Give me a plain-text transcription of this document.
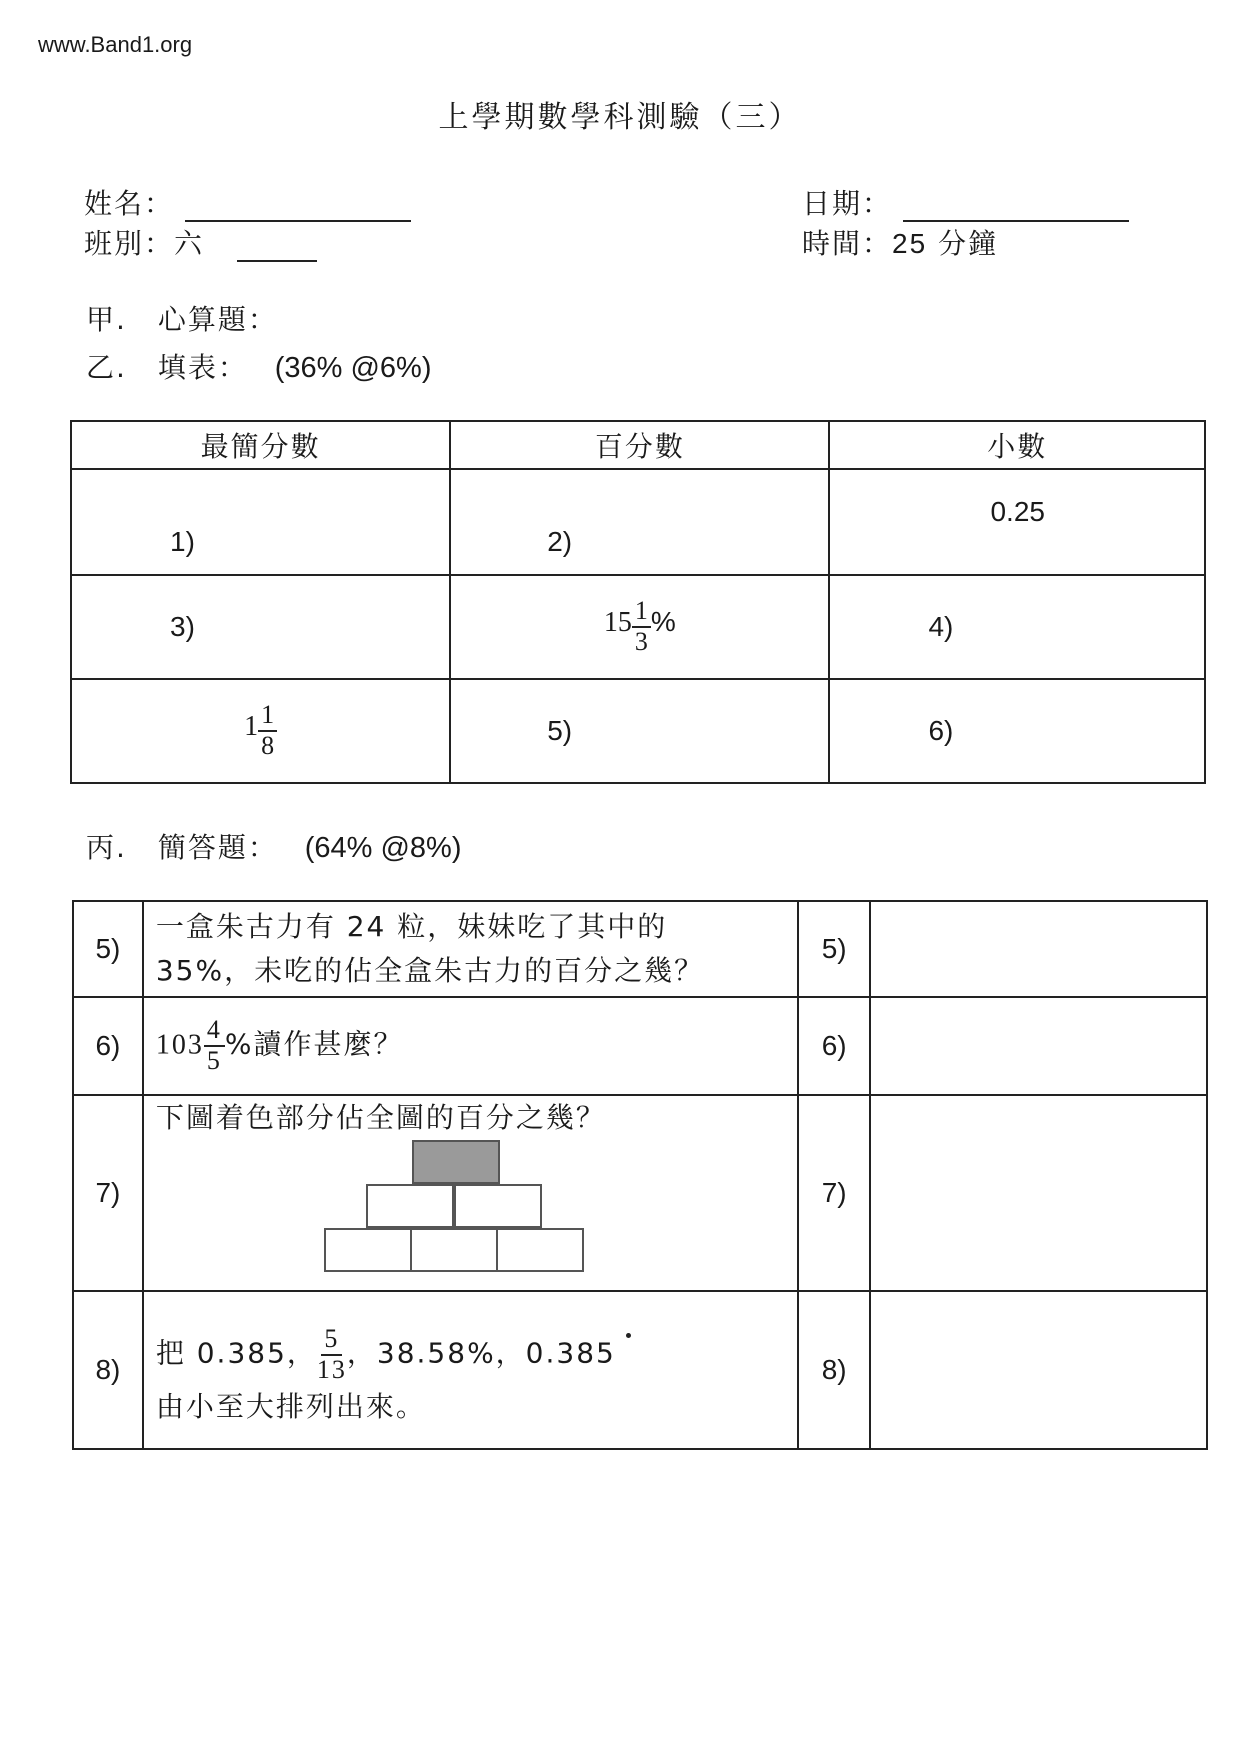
www.Band1.org
上學期數學科測驗（三）
姓名：
班別：六
日期：
時間：25 分鐘
甲. 心算題：
乙. 填表： (36% @6%)
最簡分數	百分數	小數
1)	2)	0.25
3)	$15 \frac{1}{3}$ %	4)
$1 \frac{1}{8}$	5)	6)
丙. 簡答題： (64% @8%)
5)	一盒朱古力有 24 粒，妹妹吃了其中的
35%，未吃的佔全盒朱古力的百分之幾？	5)	
6)	$103 \frac{4}{5}$ %讀作甚麼？	6)	
7)	下圖着色部分佔全圖的百分之幾？	7)	
8)	把 0.385， $\frac{5}{13}$ ，38.58%，0.385
由小至大排列出來。	8)	
